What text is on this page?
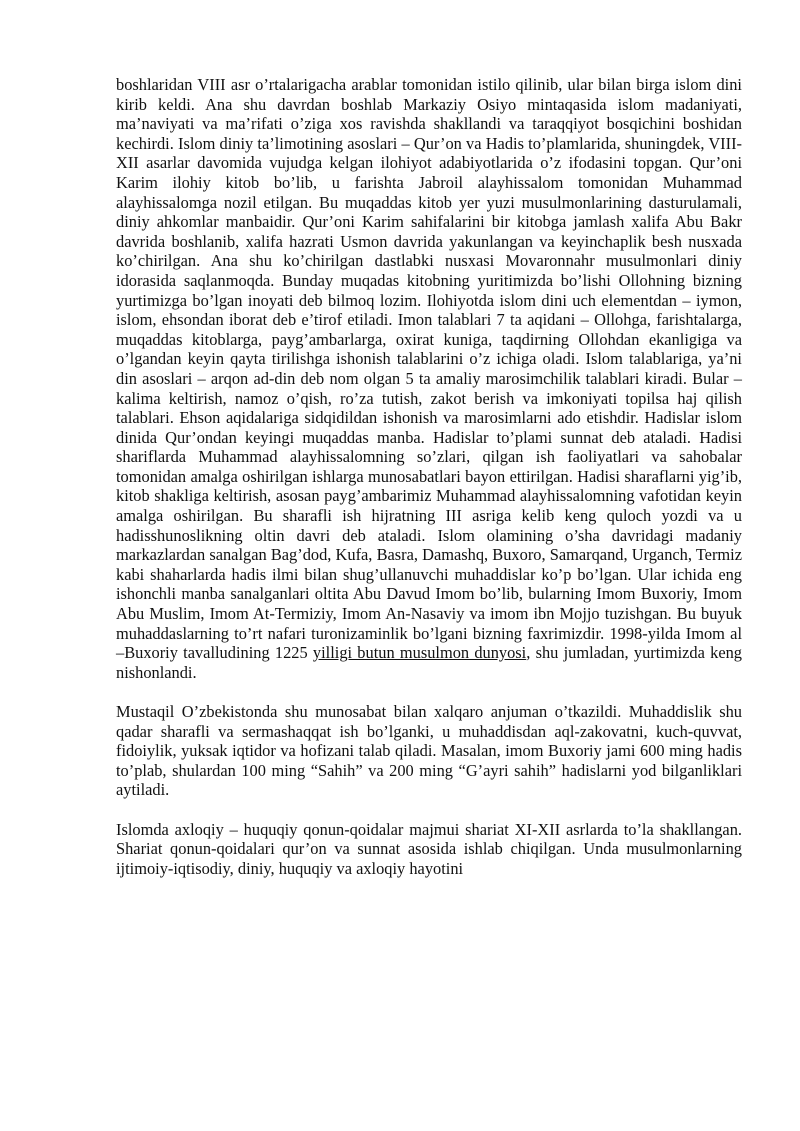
boshlaridan VIII asr o’rtalarigacha arablar tomonidan istilo qilinib, ular bilan birga islom dini kirib keldi. Ana shu davrdan boshlab Markaziy Osiyo mintaqasida islom madaniyati, ma’naviyati va ma’rifati o’ziga xos ravishda shakllandi va taraqqiyot bosqichini boshidan kechirdi. Islom diniy ta’limotining asoslari – Qur’on va Hadis to’plamlarida, shuningdek, VIII-XII asarlar davomida vujudga kelgan ilohiyot adabiyotlarida o’z ifodasini topgan. Qur’oni Karim ilohiy kitob bo’lib, u farishta Jabroil alayhissalom tomonidan Muhammad alayhissalomga nozil etilgan. Bu muqaddas kitob yer yuzi musulmonlarining dasturulamali, diniy ahkomlar manbaidir. Qur’oni Karim sahifalarini bir kitobga jamlash xalifa Abu Bakr davrida boshlanib, xalifa hazrati Usmon davrida yakunlangan va keyinchaplik besh nusxada ko’chirilgan. Ana shu ko’chirilgan dastlabki nusxasi Movaronnahr musulmonlari diniy idorasida saqlanmoqda. Bunday muqadas kitobning yuritimizda bo’lishi Ollohning bizning yurtimizga bo’lgan inoyati deb bilmoq lozim. Ilohiyotda islom dini uch elementdan – iymon, islom, ehsondan iborat deb e’tirof etiladi. Imon talablari 7 ta aqidani – Ollohga, farishtalarga, muqaddas kitoblarga, payg’ambarlarga, oxirat kuniga, taqdirning Ollohdan ekanligiga va o’lgandan keyin qayta tirilishga ishonish talablarini o’z ichiga oladi. Islom talablariga, ya’ni din asoslari – arqon ad-din deb nom olgan 5 ta amaliy marosimchilik talablari kiradi. Bular – kalima keltirish, namoz o’qish, ro’za tutish, zakot berish va imkoniyati topilsa haj qilish talablari. Ehson aqidalariga sidqidildan ishonish va marosimlarni ado etishdir. Hadislar islom dinida Qur’ondan keyingi muqaddas manba. Hadislar to’plami sunnat deb ataladi. Hadisi shariflarda Muhammad alayhissalomning so’zlari, qilgan ish faoliyatlari va sahobalar tomonidan amalga oshirilgan ishlarga munosabatlari bayon ettirilgan. Hadisi sharaflarni yig’ib, kitob shakliga keltirish, asosan payg’ambarimiz Muhammad alayhissalomning vafotidan keyin amalga oshirilgan. Bu sharafli ish hijratning III asriga kelib keng quloch yozdi va u hadisshunoslikning oltin davri deb ataladi. Islom olamining o’sha davridagi madaniy markazlardan sanalgan Bag’dod, Kufa, Basra, Damashq, Buxoro, Samarqand, Urganch, Termiz kabi shaharlarda hadis ilmi bilan shug’ullanuvchi muhaddislar ko’p bo’lgan. Ular ichida eng ishonchli manba sanalganlari oltita Abu Davud Imom bo’lib, bularning Imom Buxoriy, Imom Abu Muslim, Imom At-Termiziy, Imom An-Nasaviy va imom ibn Mojjo tuzishgan. Bu buyuk muhaddaslarning to’rt nafari turonizaminlik bo’lgani bizning faxrimizdir. 1998-yilda Imom al –Buxoriy tavalludining 1225 yilligi butun musulmon dunyosi, shu jumladan, yurtimizda keng nishonlandi.

Mustaqil O’zbekistonda shu munosabat bilan xalqaro anjuman o’tkazildi. Muhaddislik shu qadar sharafli va sermashaqqat ish bo’lganki, u muhaddisdan aql-zakovatni, kuch-quvvat, fidoiylik, yuksak iqtidor va hofizani talab qiladi. Masalan, imom Buxoriy jami 600 ming hadis to’plab, shulardan 100 ming “Sahih” va 200 ming “G’ayri sahih” hadislarni yod bilganliklari aytiladi.

Islomda axloqiy – huquqiy qonun-qoidalar majmui shariat XI-XII asrlarda to’la shakllangan. Shariat qonun-qoidalari qur’on va sunnat asosida ishlab chiqilgan. Unda musulmonlarning ijtimoiy-iqtisodiy, diniy, huquqiy va axloqiy hayotini
